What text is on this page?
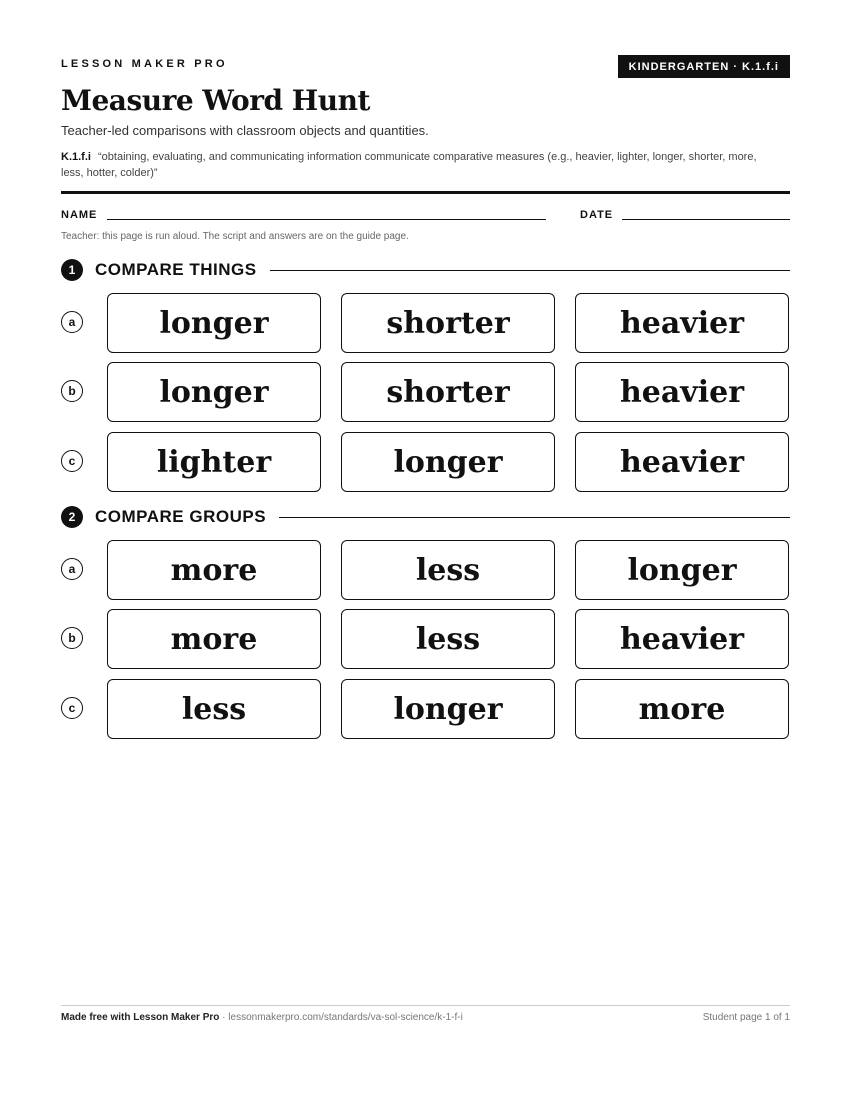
LESSON MAKER PRO	KINDERGARTEN · K.1.f.i
Measure Word Hunt
Teacher-led comparisons with classroom objects and quantities.
K.1.f.i “obtaining, evaluating, and communicating information communicate comparative measures (e.g., heavier, lighter, longer, shorter, more, less, hotter, colder)”
NAME	DATE
Teacher: this page is run aloud. The script and answers are on the guide page.
1	COMPARE THINGS
a	longer	shorter	heavier
b	longer	shorter	heavier
c	lighter	longer	heavier
2	COMPARE GROUPS
a	more	less	longer
b	more	less	heavier
c	less	longer	more
Made free with Lesson Maker Pro · lessonmakerpro.com/standards/va-sol-science/k-1-f-i	Student page 1 of 1
